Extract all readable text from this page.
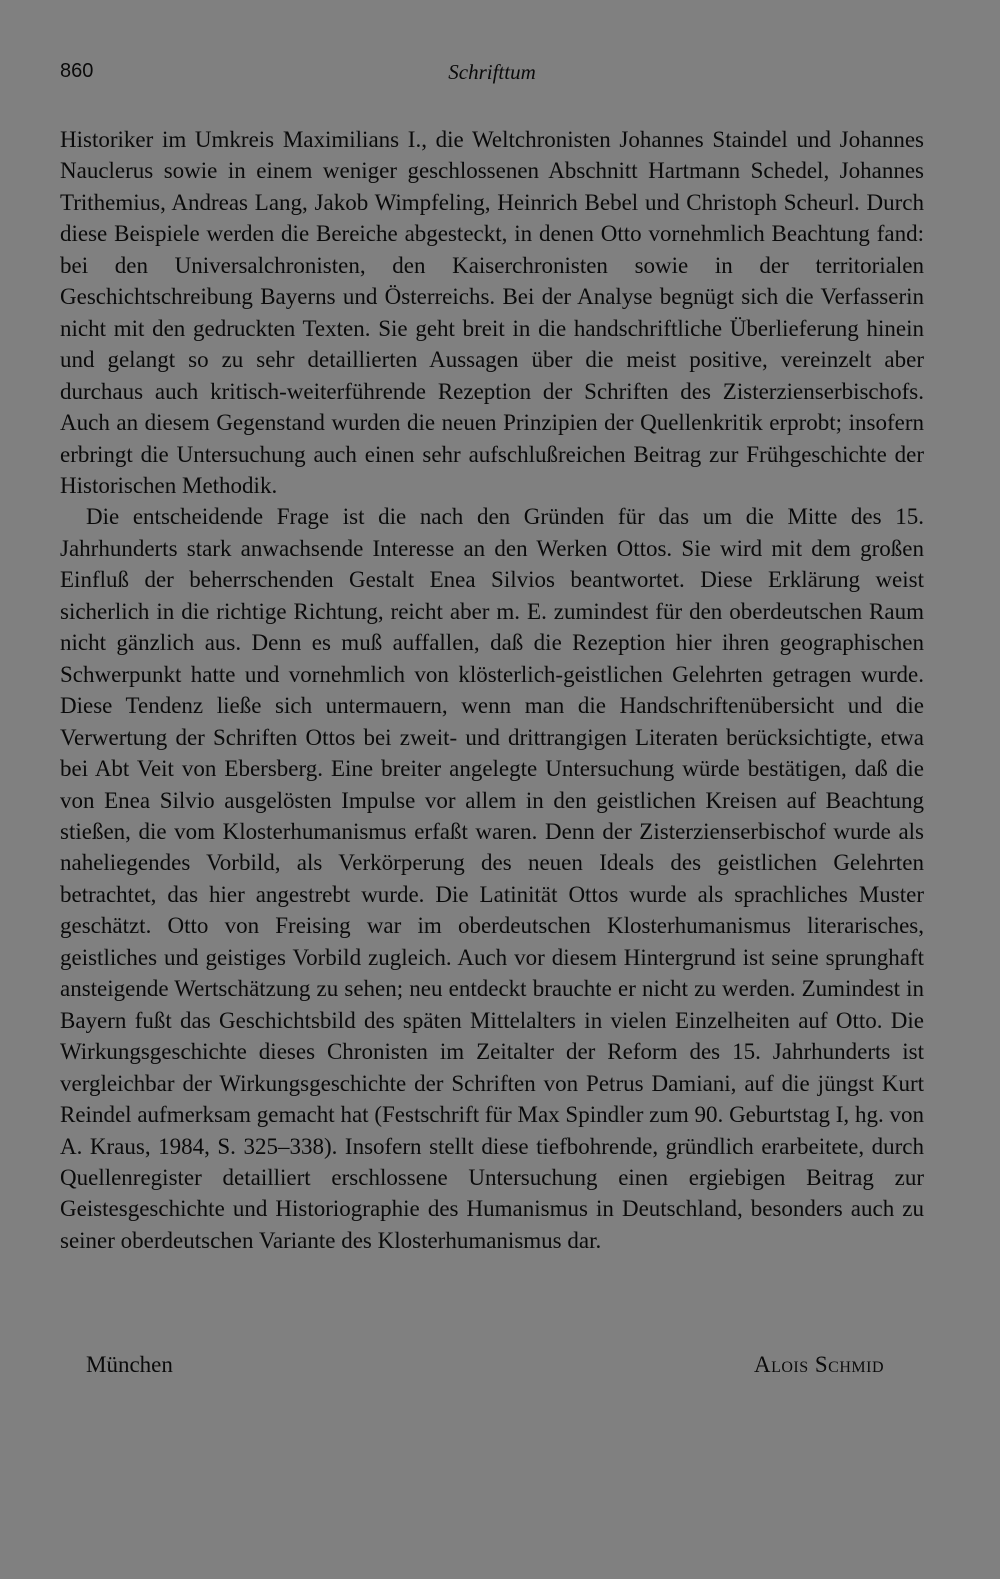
860	Schrifttum

Historiker im Umkreis Maximilians I., die Weltchronisten Johannes Staindel und Johannes Nauclerus sowie in einem weniger geschlossenen Abschnitt Hartmann Schedel, Johannes Trithemius, Andreas Lang, Jakob Wimpfeling, Heinrich Bebel und Christoph Scheurl. Durch diese Beispiele werden die Bereiche abgesteckt, in denen Otto vornehmlich Beachtung fand: bei den Universalchronisten, den Kaiserchronisten sowie in der territorialen Geschichtschreibung Bayerns und Österreichs. Bei der Analyse begnügt sich die Verfasserin nicht mit den gedruckten Texten. Sie geht breit in die handschriftliche Überlieferung hinein und gelangt so zu sehr detaillierten Aussagen über die meist positive, vereinzelt aber durchaus auch kritisch-weiterführende Rezeption der Schriften des Zisterzienserbischofs. Auch an diesem Gegenstand wurden die neuen Prinzipien der Quellenkritik erprobt; insofern erbringt die Untersuchung auch einen sehr aufschlußreichen Beitrag zur Frühgeschichte der Historischen Methodik.

Die entscheidende Frage ist die nach den Gründen für das um die Mitte des 15. Jahrhunderts stark anwachsende Interesse an den Werken Ottos. Sie wird mit dem großen Einfluß der beherrschenden Gestalt Enea Silvios beantwortet. Diese Erklärung weist sicherlich in die richtige Richtung, reicht aber m. E. zumindest für den oberdeutschen Raum nicht gänzlich aus. Denn es muß auffallen, daß die Rezeption hier ihren geographischen Schwerpunkt hatte und vornehmlich von klösterlich-geistlichen Gelehrten getragen wurde. Diese Tendenz ließe sich untermauern, wenn man die Handschriftenübersicht und die Verwertung der Schriften Ottos bei zweit- und drittrangigen Literaten berücksichtigte, etwa bei Abt Veit von Ebersberg. Eine breiter angelegte Untersuchung würde bestätigen, daß die von Enea Silvio ausgelösten Impulse vor allem in den geistlichen Kreisen auf Beachtung stießen, die vom Klosterhumanismus erfaßt waren. Denn der Zisterzienserbischof wurde als naheliegendes Vorbild, als Verkörperung des neuen Ideals des geistlichen Gelehrten betrachtet, das hier angestrebt wurde. Die Latinität Ottos wurde als sprachliches Muster geschätzt. Otto von Freising war im oberdeutschen Klosterhumanismus literarisches, geistliches und geistiges Vorbild zugleich. Auch vor diesem Hintergrund ist seine sprunghaft ansteigende Wertschätzung zu sehen; neu entdeckt brauchte er nicht zu werden. Zumindest in Bayern fußt das Geschichtsbild des späten Mittelalters in vielen Einzelheiten auf Otto. Die Wirkungsgeschichte dieses Chronisten im Zeitalter der Reform des 15. Jahrhunderts ist vergleichbar der Wirkungsgeschichte der Schriften von Petrus Damiani, auf die jüngst Kurt Reindel aufmerksam gemacht hat (Festschrift für Max Spindler zum 90. Geburtstag I, hg. von A. Kraus, 1984, S. 325–338). Insofern stellt diese tiefbohrende, gründlich erarbeitete, durch Quellenregister detailliert erschlossene Untersuchung einen ergiebigen Beitrag zur Geistesgeschichte und Historiographie des Humanismus in Deutschland, besonders auch zu seiner oberdeutschen Variante des Klosterhumanismus dar.

München	Alois Schmid
